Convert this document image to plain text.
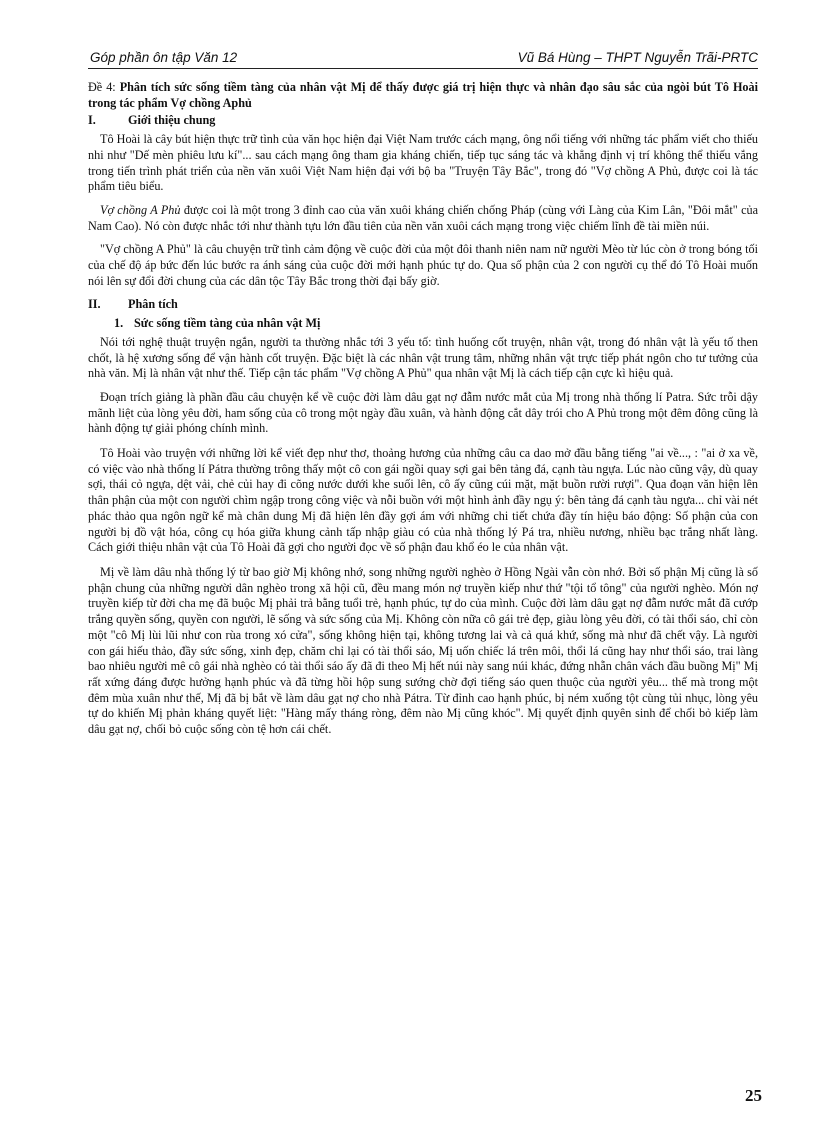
Góp phần ôn tập Văn 12	Vũ Bá Hùng – THPT Nguyễn Trãi-PRTC
Đề 4: Phân tích sức sống tiềm tàng của nhân vật Mị để thấy được giá trị hiện thực và nhân đạo sâu sắc của ngòi bút Tô Hoài trong tác phẩm Vợ chồng Aphủ
I.	Giới thiệu chung

Tô Hoài là cây bút hiện thực trữ tình của văn học hiện đại Việt Nam trước cách mạng, ông nổi tiếng với những tác phẩm viết cho thiếu nhi như "Dế mèn phiêu lưu kí"... sau cách mạng ông tham gia kháng chiến, tiếp tục sáng tác và khẳng định vị trí không thể thiếu vắng trong tiến trình phát triển của nền văn xuôi Việt Nam hiện đại với bộ ba "Truyện Tây Bắc", trong đó "Vợ chồng A Phủ, được coi là tác phẩm tiêu biểu.

Vợ chồng A Phủ được coi là một trong 3 đỉnh cao của văn xuôi kháng chiến chống Pháp (cùng với Làng của Kim Lân, "Đôi mắt" của Nam Cao). Nó còn được nhắc tới như thành tựu lớn đầu tiên của nền văn xuôi cách mạng trong việc chiếm lĩnh đề tài miền núi.

"Vợ chồng A Phủ" là câu chuyện trữ tình cảm động về cuộc đời của một đôi thanh niên nam nữ người Mèo từ lúc còn ở trong bóng tối của chế độ áp bức đến lúc bước ra ánh sáng của cuộc đời mới hạnh phúc tự do. Qua số phận của 2 con người cụ thể đó Tô Hoài muốn nói lên sự đổi đời chung của các dân tộc Tây Bắc trong thời đại bấy giờ.

II.	Phân tích
1. Sức sống tiềm tàng của nhân vật Mị

Nói tới nghệ thuật truyện ngắn, người ta thường nhắc tới 3 yếu tố: tình huống cốt truyện, nhân vật, trong đó nhân vật là yếu tố then chốt, là hệ xương sống để vận hành cốt truyện. Đặc biệt là các nhân vật trung tâm, những nhân vật trực tiếp phát ngôn cho tư tưởng của nhà văn. Mị là nhân vật như thế. Tiếp cận tác phẩm "Vợ chồng A Phủ" qua nhân vật Mị là cách tiếp cận cực kì hiệu quả.

Đoạn trích giảng là phần đầu câu chuyện kể về cuộc đời làm dâu gạt nợ đẫm nước mắt của Mị trong nhà thống lí Patra. Sức trỗi dậy mãnh liệt của lòng yêu đời, ham sống của cô trong một ngày đầu xuân, và hành động cắt dây trói cho A Phủ trong một đêm đông cũng là hành động tự giải phóng chính mình.

Tô Hoài vào truyện với những lời kể viết đẹp như thơ, thoảng hương của những câu ca dao mở đầu bằng tiếng "ai về..., : "ai ở xa về, có việc vào nhà thống lí Pátra thường trông thấy một cô con gái ngồi quay sợi gai bên tảng đá, cạnh tàu ngựa. Lúc nào cũng vậy, dù quay sợi, thái cỏ ngựa, dệt vải, chẻ củi hay đi cõng nước dưới khe suối lên, cô ấy cũng cúi mặt, mặt buồn rười rượi". Qua đoạn văn hiện lên thân phận của một con người chìm ngập trong công việc và nỗi buồn với một hình ảnh đầy ngụ ý: bên tảng đá cạnh tàu ngựa... chỉ vài nét phác thảo qua ngôn ngữ kể mà chân dung Mị đã hiện lên đầy gợi ám với những chi tiết chứa đầy tín hiệu báo động: Số phận của con người bị đồ vật hóa, công cụ hóa giữa khung cảnh tấp nhập giàu có của nhà thống lý Pá tra, nhiều nương, nhiều bạc trắng nhất làng. Cách giới thiệu nhân vật của Tô Hoài đã gợi cho người đọc về số phận đau khổ éo le của nhân vật.

Mị về làm dâu nhà thống lý từ bao giờ Mị không nhớ, song những người nghèo ở Hồng Ngài vẫn còn nhớ. Bởi số phận Mị cũng là số phận chung của những người dân nghèo trong xã hội cũ, đều mang món nợ truyền kiếp như thứ "tội tổ tông" của người nghèo. Món nợ truyền kiếp từ đời cha mẹ đã buộc Mị phải trả bằng tuổi trẻ, hạnh phúc, tự do của mình. Cuộc đời làm dâu gạt nợ đẫm nước mắt đã cướp trắng quyền sống, quyền con người, lẽ sống và sức sống của Mị. Không còn nữa cô gái trẻ đẹp, giàu lòng yêu đời, có tài thổi sáo, chỉ còn một "cô Mị lùi lũi như con rùa trong xó cửa", sống không hiện tại, không tương lai và cả quá khứ, sống mà như đã chết vậy. Là người con gái hiếu thảo, đầy sức sống, xinh đẹp, chăm chỉ lại có tài thổi sáo, Mị uốn chiếc lá trên môi, thổi lá cũng hay như thổi sáo, trai làng bao nhiêu người mê cô gái nhà nghèo có tài thổi sáo ấy đã đi theo Mị hết núi này sang núi khác, đứng nhẵn chân vách đầu buồng Mị" Mị rất xứng đáng được hưởng hạnh phúc và đã từng hồi hộp sung sướng chờ đợi tiếng sáo quen thuộc của người yêu... thế mà trong một đêm mùa xuân như thế, Mị đã bị bắt về làm dâu gạt nợ cho nhà Pátra. Từ đỉnh cao hạnh phúc, bị ném xuống tột cùng tủi nhục, lòng yêu tự do khiến Mị phản kháng quyết liệt: "Hàng mấy tháng ròng, đêm nào Mị cũng khóc". Mị quyết định quyên sinh để chối bỏ kiếp làm dâu gạt nợ, chối bỏ cuộc sống còn tệ hơn cái chết.

25
